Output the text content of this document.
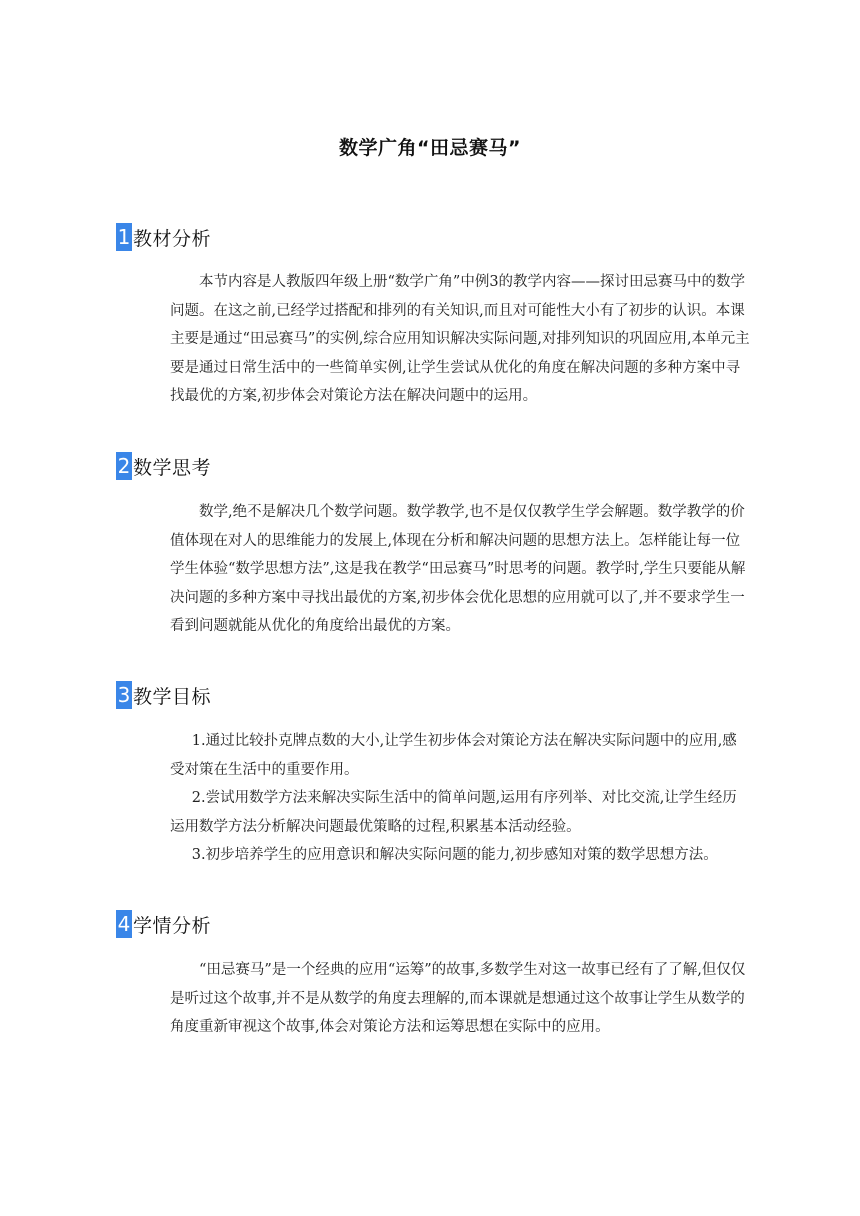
数学广角“田忌赛马”
1 教材分析

本节内容是人教版四年级上册“数学广角”中例3的教学内容——探讨田忌赛马中的数学问题。在这之前,已经学过搭配和排列的有关知识,而且对可能性大小有了初步的认识。本课主要是通过“田忌赛马”的实例,综合应用知识解决实际问题,对排列知识的巩固应用,本单元主要是通过日常生活中的一些简单实例,让学生尝试从优化的角度在解决问题的多种方案中寻找最优的方案,初步体会对策论方法在解决问题中的运用。

2 数学思考

数学,绝不是解决几个数学问题。数学教学,也不是仅仅教学生学会解题。数学教学的价值体现在对人的思维能力的发展上,体现在分析和解决问题的思想方法上。怎样能让每一位学生体验“数学思想方法”,这是我在教学“田忌赛马”时思考的问题。教学时,学生只要能从解决问题的多种方案中寻找出最优的方案,初步体会优化思想的应用就可以了,并不要求学生一看到问题就能从优化的角度给出最优的方案。

3 教学目标

1.通过比较扑克牌点数的大小,让学生初步体会对策论方法在解决实际问题中的应用,感受对策在生活中的重要作用。

2.尝试用数学方法来解决实际生活中的简单问题,运用有序列举、对比交流,让学生经历运用数学方法分析解决问题最优策略的过程,积累基本活动经验。

3.初步培养学生的应用意识和解决实际问题的能力,初步感知对策的数学思想方法。

4 学情分析

“田忌赛马”是一个经典的应用“运筹”的故事,多数学生对这一故事已经有了了解,但仅仅是听过这个故事,并不是从数学的角度去理解的,而本课就是想通过这个故事让学生从数学的角度重新审视这个故事,体会对策论方法和运筹思想在实际中的应用。
